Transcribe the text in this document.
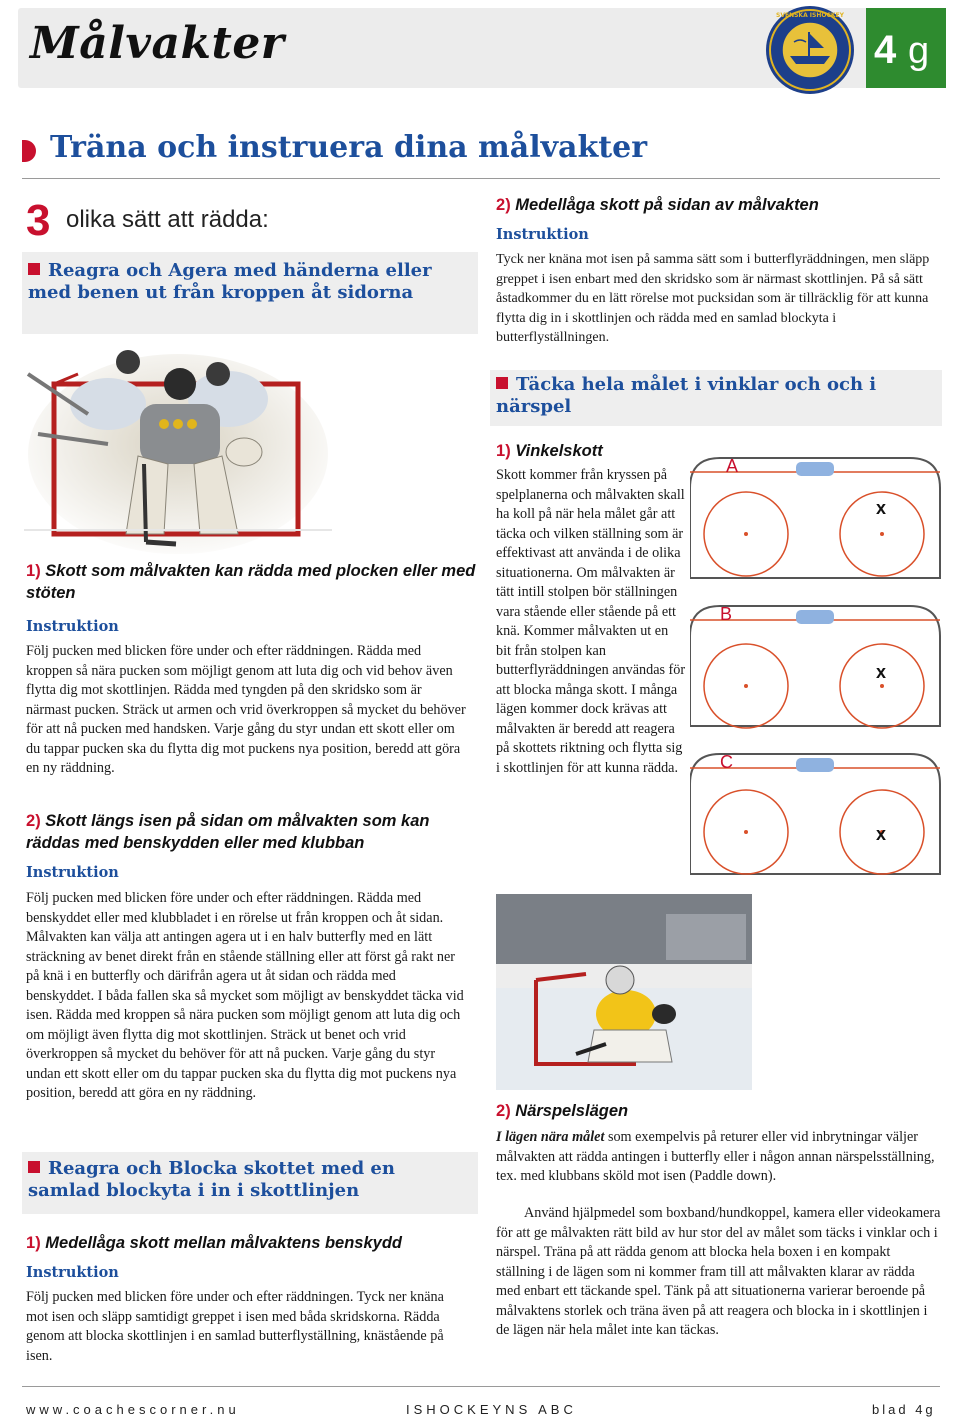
Målvakter
SVENSKA ISHOCKEY
4 g
Träna och instruera dina målvakter
3 olika sätt att rädda:
Reagra och Agera med händerna eller med benen ut från kroppen åt sidorna
1) Skott som målvakten kan rädda med plocken eller med stöten
Instruktion
Följ pucken med blicken före under och efter räddningen. Rädda med kroppen så nära pucken som möjligt genom att luta dig och vid behov även flytta dig mot skottlinjen. Rädda med tyngden på den skridsko som är närmast pucken. Sträck ut armen och vrid överkroppen så mycket du behöver för att nå pucken med handsken. Varje gång du styr undan ett skott eller om du tappar pucken ska du flytta dig mot puckens nya position, beredd att göra en ny räddning.
2) Skott längs isen på sidan om målvakten som kan räddas med benskydden eller med klubban
Instruktion
Följ pucken med blicken före under och efter räddningen. Rädda med benskyddet eller med klubbladet i en rörelse ut från kroppen och åt sidan. Målvakten kan välja att antingen agera ut i en halv butterfly med en lätt sträckning av benet direkt från en stående ställning eller att först gå rakt ner på knä i en butterfly och därifrån agera ut åt sidan och rädda med benskyddet. I båda fallen ska så mycket som möjligt av benskyddet täcka vid isen. Rädda med kroppen så nära pucken som möjligt genom att luta dig och om möjligt även flytta dig mot skottlinjen. Sträck ut benet och vrid överkroppen så mycket du behöver för att nå pucken. Varje gång du styr undan ett skott eller om du tappar pucken ska du flytta dig mot puckens nya position, beredd att göra en ny räddning.
Reagra och Blocka skottet med en samlad blockyta i in i skottlinjen
1) Medellåga skott mellan målvaktens benskydd
Instruktion
Följ pucken med blicken före under och efter räddningen. Tyck ner knäna mot isen och släpp samtidigt greppet i isen med båda skridskorna. Rädda genom att blocka skottlinjen i en samlad butterflyställning, knästående på isen.
2) Medellåga skott på sidan av målvakten
Instruktion
Tyck ner knäna mot isen på samma sätt som i butterflyräddningen, men släpp greppet i isen enbart med den skridsko som är närmast skottlinjen. På så sätt åstadkommer du en lätt rörelse mot pucksidan som är tillräcklig för att kunna flytta dig in i skottlinjen och rädda med en samlad blockyta i butterflyställningen.
Täcka hela målet i vinklar och och i närspel
1) Vinkelskott
Skott kommer från kryssen på spelplanerna och målvakten skall ha koll på när hela målet går att täcka och vilken ställning som är effektivast att använda i de olika situationerna. Om målvakten är tätt intill stolpen bör ställningen vara stående eller stående på ett knä. Kommer målvakten ut en bit från stolpen kan butterflyräddningen användas för att blocka många skott. I många lägen kommer dock krävas att målvakten är beredd att reagera på skottets riktning och flytta sig i skottlinjen för att kunna rädda.
A
x
B
x
C
x
2) Närspelslägen
I lägen nära målet som exempelvis på returer eller vid inbrytningar väljer målvakten att rädda antingen i butterfly eller i någon annan närspelsställning, tex. med klubbans sköld mot isen (Paddle down).
Använd hjälpmedel som boxband/hundkoppel, kamera eller videokamera för att ge målvakten rätt bild av hur stor del av målet som täcks i vinklar och i närspel. Träna på att rädda genom att blocka hela boxen i en kompakt ställning i de lägen som ni kommer fram till att målvakten klarar av rädda med enbart ett täckande spel. Tänk på att situationerna varierar beroende på målvaktens storlek och träna även på att reagera och blocka in i skottlinjen i de lägen när hela målet inte kan täckas.
www.coachescorner.nu	ISHOCKEYNS ABC	blad 4g
